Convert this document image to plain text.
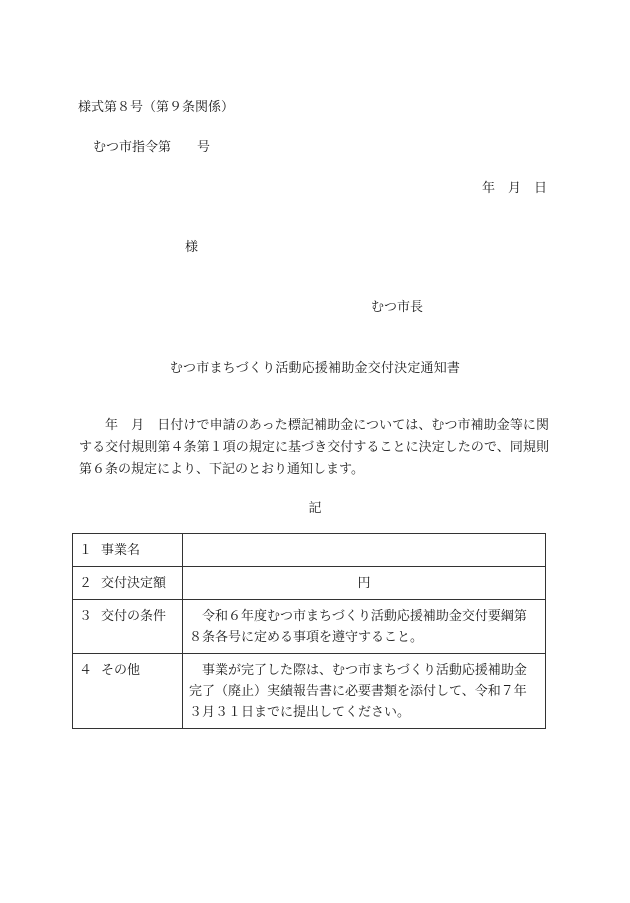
様式第８号（第９条関係）
むつ市指令第　　号
年　月　日
様
むつ市長
むつ市まちづくり活動応援補助金交付決定通知書
年　月　日付けで申請のあった標記補助金については、むつ市補助金等に関する交付規則第４条第１項の規定に基づき交付することに決定したので、同規則第６条の規定により、下記のとおり通知します。
記
１ 事業名	
２ 交付決定額	円
３ 交付の条件	令和６年度むつ市まちづくり活動応援補助金交付要綱第８条各号に定める事項を遵守すること。
４ その他	事業が完了した際は、むつ市まちづくり活動応援補助金完了（廃止）実績報告書に必要書類を添付して、令和７年３月３１日までに提出してください。
